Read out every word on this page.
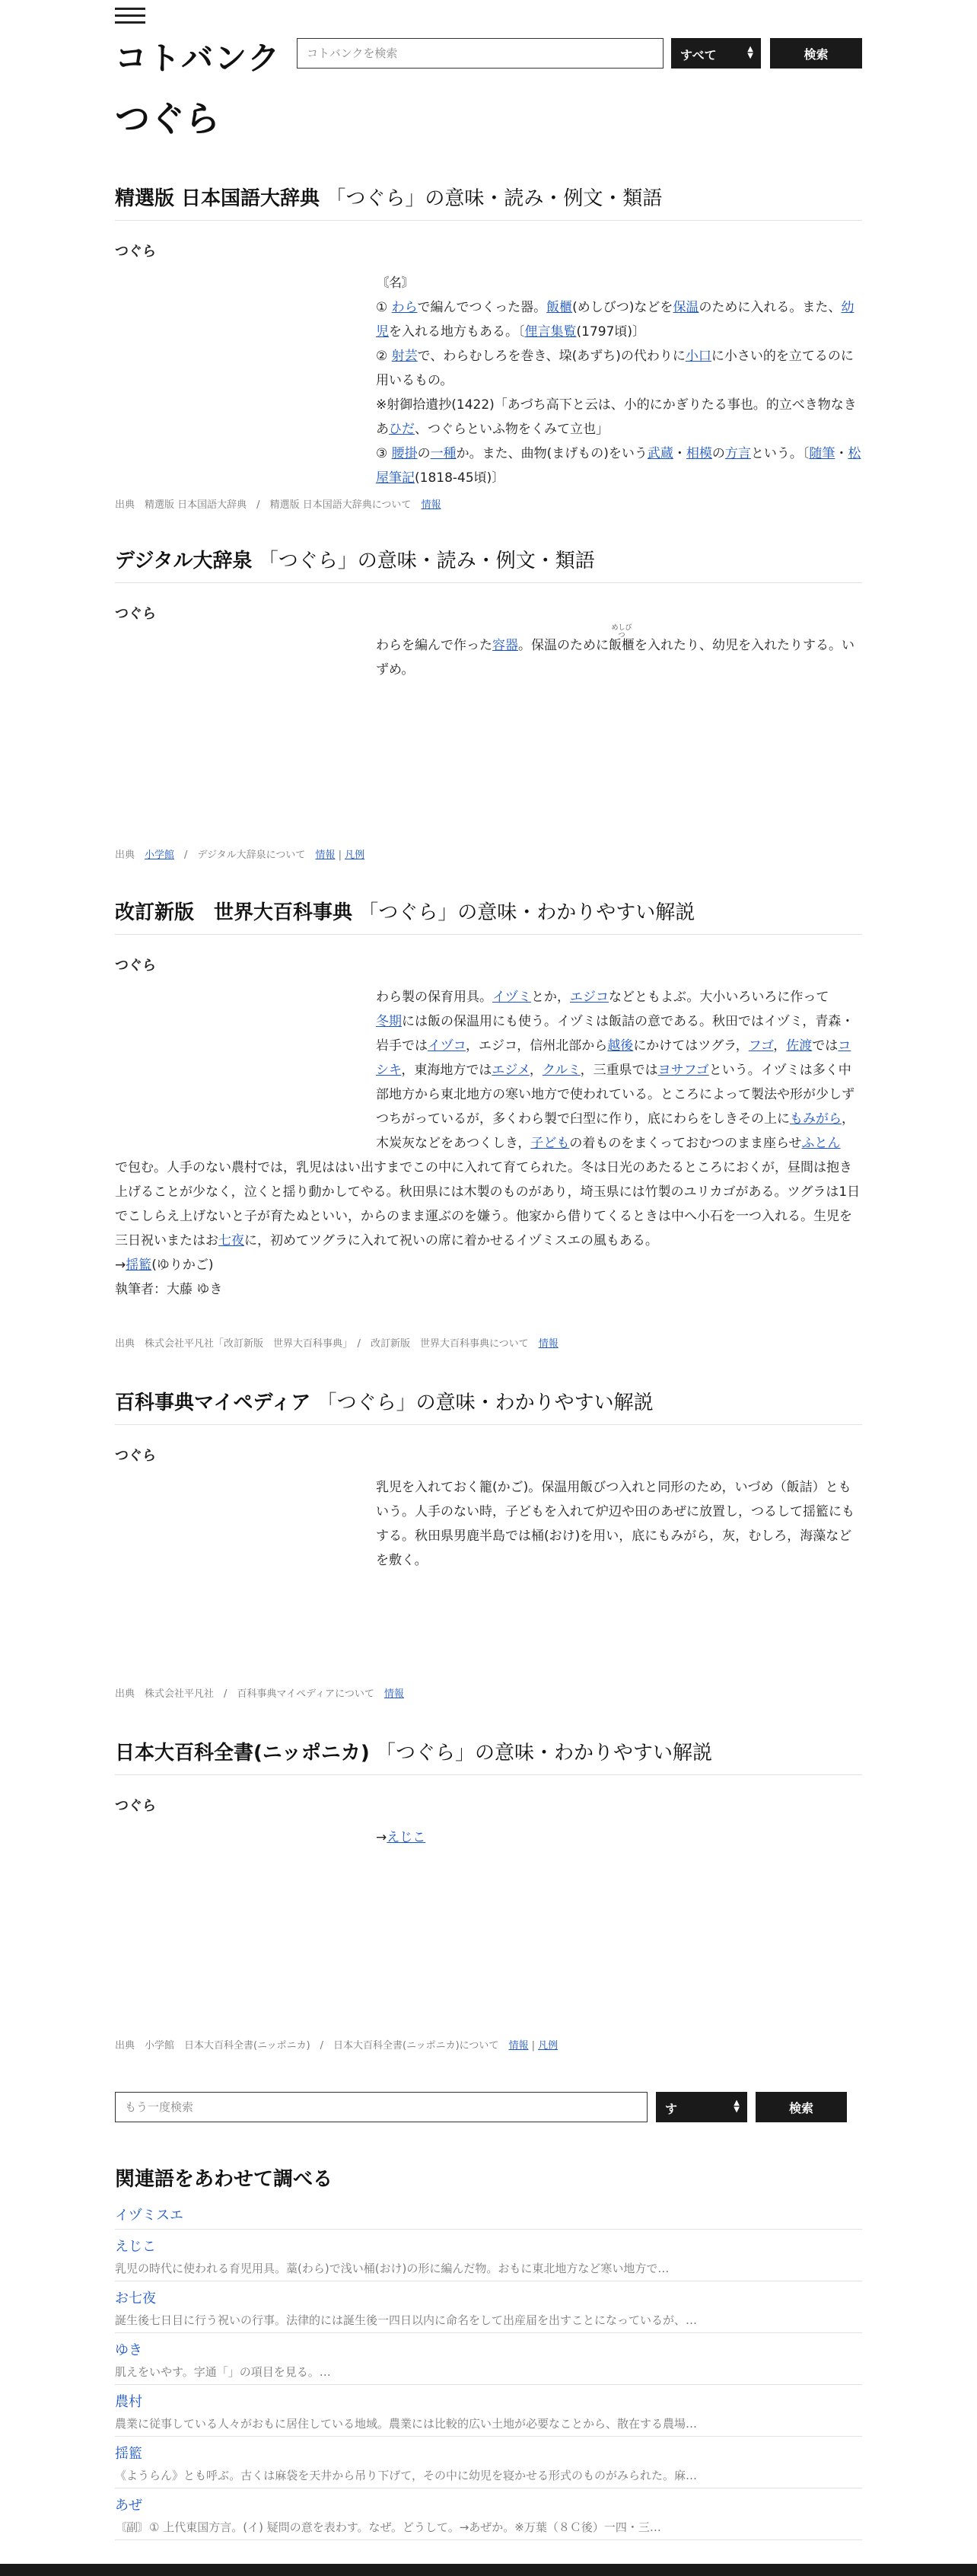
コトバンク
コトバンクを検索	すべて	▲
▼	検索
つぐら
精選版 日本国語大辞典 「つぐら」の意味・読み・例文・類語
つぐら
〘名〙
① わらで編んでつくった器。飯櫃(めしびつ)などを保温のために入れる。また、幼児を入れる地方もある。〔俚言集覧(1797頃)〕
② 射芸で、わらむしろを巻き、垜(あずち)の代わりに小口に小さい的を立てるのに用いるもの。
※射御拾遺抄(1422)「あづち高下と云は、小的にかぎりたる事也。的立べき物なきあひだ、つぐらといふ物をくみて立也」
③ 腰掛の一種か。また、曲物(まげもの)をいう武蔵・相模の方言という。〔随筆・松屋筆記(1818‐45頃)〕
出典　 精選版 日本国語大辞典　/　精選版 日本国語大辞典について　 情報
デジタル大辞泉 「つぐら」の意味・読み・例文・類語
つぐら
わらを編んで作った容器。保温のために飯櫃
めしびつ
を入れたり、幼児を入れたりする。いずめ。
出典　 小学館　/　デジタル大辞泉について　 情報 | 凡例
改訂新版　世界大百科事典 「つぐら」の意味・わかりやすい解説
つぐら
わら製の保育用具。イヅミとか，エジコなどともよぶ。大小いろいろに作って
冬期には飯の保温用にも使う。イヅミは飯詰の意である。秋田ではイヅミ，青森・岩手ではイヅコ，エジコ，信州北部から越後にかけてはツグラ，フゴ，佐渡ではコシキ，東海地方ではエジメ，クルミ，三重県ではヨサフゴという。イヅミは多く中部地方から東北地方の寒い地方で使われている。ところによって製法や形が少しずつちがっているが，多くわら製で臼型に作り，底にわらをしきその上にもみがら，木炭灰などをあつくしき，子どもの着ものをまくっておむつのまま座らせふとん
で包む。人手のない農村では，乳児ははい出すまでこの中に入れて育てられた。冬は日光のあたるところにおくが，昼間は抱き上げることが少なく，泣くと揺り動かしてやる。秋田県には木製のものがあり，埼玉県には竹製のユリカゴがある。ツグラは1日でこしらえ上げないと子が育たぬといい，からのまま運ぶのを嫌う。他家から借りてくるときは中へ小石を一つ入れる。生児を三日祝いまたはお七夜に，初めてツグラに入れて祝いの席に着かせるイヅミスエの風もある。
→揺籃(ゆりかご)
執筆者：大藤 ゆき
出典　 株式会社平凡社「改訂新版　世界大百科事典」　/　改訂新版　世界大百科事典について　 情報
百科事典マイペディア 「つぐら」の意味・わかりやすい解説
つぐら
乳児を入れておく籠(かご)。保温用飯びつ入れと同形のため，いづめ（飯詰）ともいう。人手のない時，子どもを入れて炉辺や田のあぜに放置し，つるして揺籃にもする。秋田県男鹿半島では桶(おけ)を用い，底にもみがら，灰，むしろ，海藻などを敷く。
出典　 株式会社平凡社　/　百科事典マイペディアについて　 情報
日本大百科全書(ニッポニカ) 「つぐら」の意味・わかりやすい解説
つぐら
→えじこ
出典　 小学館　日本大百科全書(ニッポニカ)　/　日本大百科全書(ニッポニカ)について　 情報 | 凡例
もう一度検索
す	▲
▼	検索
関連語をあわせて調べる
イヅミスエ
えじこ
乳児の時代に使われる育児用具。藁(わら)で浅い桶(おけ)の形に編んだ物。おもに東北地方など寒い地方で…
お七夜
誕生後七日目に行う祝いの行事。法律的には誕生後一四日以内に命名をして出産届を出すことになっているが、…
ゆき
肌えをいやす。字通「」の項目を見る。…
農村
農業に従事している人々がおもに居住している地域。農業には比較的広い土地が必要なことから、散在する農場…
揺籃
《ようらん》とも呼ぶ。古くは麻袋を天井から吊り下げて，その中に幼児を寝かせる形式のものがみられた。麻…
あぜ
〘副〙① 上代東国方言。(イ) 疑問の意を表わす。なぜ。どうして。→あぜか。※万葉（８Ｃ後）一四・三…
